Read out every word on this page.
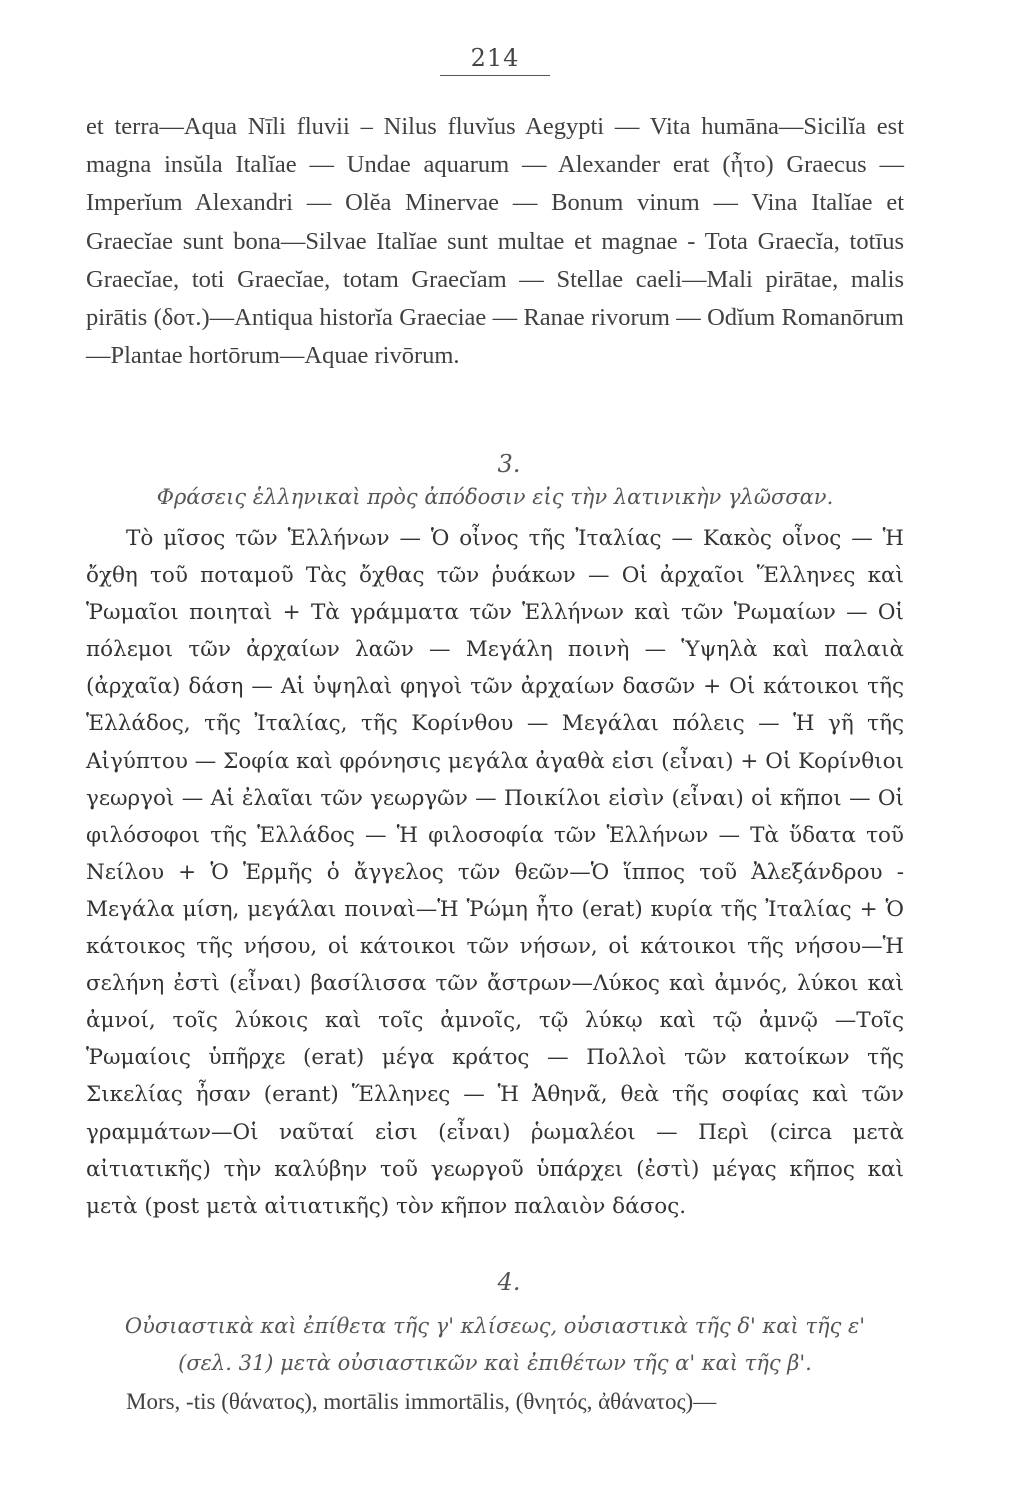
214

et terra—Aqua Nīli fluvii – Nilus fluvĭus Aegypti — Vita humāna—Sicilĭa est magna insŭla Italĭae — Undae aquarum — Alexander erat (ἦτο) Graecus — Imperĭum Alexandri — Olĕa Minervae — Bonum vinum — Vina Italĭae et Graecĭae sunt bona—Silvae Italĭae sunt multae et magnae - Tota Graecĭa, totīus Graecĭae, toti Graecĭae, totam Graecĭam — Stellae caeli—Mali pirātae, malis pirātis (δοτ.)—Antiqua historĭa Graeciae — Ranae rivorum — Odĭum Romanōrum—Plantae hortōrum—Aquae rivōrum.

3.
Φράσεις ἑλληνικαὶ πρὸς ἀπόδοσιν εἰς τὴν λατινικὴν γλῶσσαν.

Τὸ μῖσος τῶν Ἑλλήνων — Ὁ οἶνος τῆς Ἰταλίας — Κακὸς οἶνος — Ἡ ὄχθη τοῦ ποταμοῦ Τὰς ὄχθας τῶν ῥυάκων — Οἱ ἀρχαῖοι Ἕλληνες καὶ Ῥωμαῖοι ποιηταὶ + Τὰ γράμματα τῶν Ἑλλήνων καὶ τῶν Ῥωμαίων — Οἱ πόλεμοι τῶν ἀρχαίων λαῶν — Μεγάλη ποινὴ — Ὑψηλὰ καὶ παλαιὰ (ἀρχαῖα) δάση — Αἱ ὑψηλαὶ φηγοὶ τῶν ἀρχαίων δασῶν + Οἱ κάτοικοι τῆς Ἑλλάδος, τῆς Ἰταλίας, τῆς Κορίνθου — Μεγάλαι πόλεις — Ἡ γῆ τῆς Αἰγύπτου — Σοφία καὶ φρόνησις μεγάλα ἀγαθὰ εἰσι (εἶναι) + Οἱ Κορίνθιοι γεωργοὶ — Αἱ ἐλαῖαι τῶν γεωργῶν — Ποικίλοι εἰσὶν (εἶναι) οἱ κῆποι — Οἱ φιλόσοφοι τῆς Ἑλλάδος — Ἡ φιλοσοφία τῶν Ἑλλήνων — Τὰ ὕδατα τοῦ Νείλου + Ὁ Ἑρμῆς ὁ ἄγγελος τῶν θεῶν—Ὁ ἵππος τοῦ Ἀλεξάνδρου - Μεγάλα μίση, μεγάλαι ποιναὶ—Ἡ Ῥώμη ἦτο (erat) κυρία τῆς Ἰταλίας + Ὁ κάτοικος τῆς νήσου, οἱ κάτοικοι τῶν νήσων, οἱ κάτοικοι τῆς νήσου—Ἡ σελήνη ἐστὶ (εἶναι) βασίλισσα τῶν ἄστρων—Λύκος καὶ ἀμνός, λύκοι καὶ ἀμνοί, τοῖς λύκοις καὶ τοῖς ἀμνοῖς, τῷ λύκῳ καὶ τῷ ἀμνῷ —Τοῖς Ῥωμαίοις ὑπῆρχε (erat) μέγα κράτος — Πολλοὶ τῶν κατοίκων τῆς Σικελίας ἦσαν (erant) Ἕλληνες — Ἡ Ἀθηνᾶ, θεὰ τῆς σοφίας καὶ τῶν γραμμάτων—Οἱ ναῦταί εἰσι (εἶναι) ῥωμαλέοι — Περὶ (circa μετὰ αἰτιατικῆς) τὴν καλύβην τοῦ γεωργοῦ ὑπάρχει (ἐστὶ) μέγας κῆπος καὶ μετὰ (post μετὰ αἰτιατικῆς) τὸν κῆπον παλαιὸν δάσος.

4.

Οὐσιαστικὰ καὶ ἐπίθετα τῆς γ' κλίσεως, οὐσιαστικὰ τῆς δ' καὶ τῆς ε'
(σελ. 31) μετὰ οὐσιαστικῶν καὶ ἐπιθέτων τῆς α' καὶ τῆς β'.

Mors, -tis (θάνατος), mortālis immortālis, (θνητός, ἀθάνατος)—
